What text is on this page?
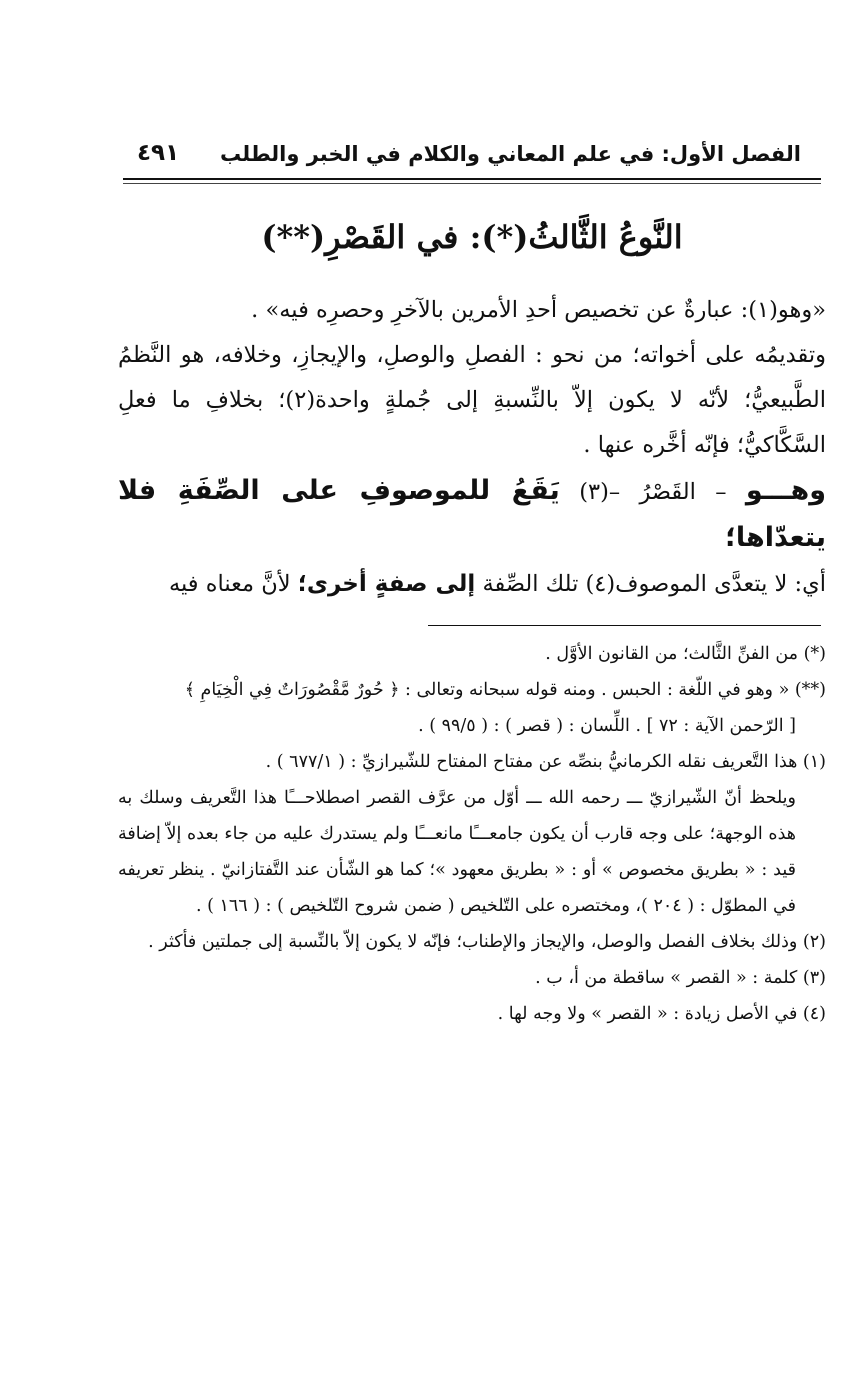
الفصل الأول: في علم المعاني والكلام في الخبر والطلب
٤٩١
النَّوعُ الثَّالثُ(*): في القَصْرِ(**)

«وهو(١): عبارةٌ عن تخصيص أحدِ الأمرين بالآخرِ وحصرِه فيه» .

وتقديمُه على أخواته؛ من نحو : الفصلِ والوصلِ، والإيجازِ، وخلافه، هو النَّظمُ الطَّبيعيُّ؛ لأنّه لا يكون إلاّ بالنِّسبةِ إلى جُملةٍ واحدة(٢)؛ بخلافِ ما فعلِ السَّكَّاكيُّ؛ فإنّه أخَّره عنها .

وهـــو – القَصْرُ –(٣) يَقَعُ للموصوفِ على الصِّفَةِ فلا يتعدّاها؛

أي: لا يتعدَّى الموصوف(٤) تلك الصِّفة إلى صفةٍ أخرى؛ لأنَّ معناه فيه

(*) من الفنِّ الثَّالث؛ من القانون الأوَّل .

(**) « وهو في اللّغة : الحبس . ومنه قوله سبحانه وتعالى : ﴿ حُورٌ مَّقْصُورَاتٌ فِي الْخِيَامِ ﴾

[ الرّحمن الآية : ٧٢ ] . اللِّسان : ( قصر ) : ( ٩٩/٥ ) .

(١) هذا التَّعريف نقله الكرمانيُّ بنصِّه عن مفتاح المفتاح للشّيرازيِّ : ( ٦٧٧/١ ) .

ويلحظ أنّ الشّيرازيّ ـــ رحمه الله ـــ أوّل من عرَّف القصر اصطلاحـــًا هذا التَّعريف وسلك به هذه الوجهة؛ على وجه قارب أن يكون جامعـــًا مانعـــًا ولم يستدرك عليه من جاء بعده إلاّ إضافة قيد : « بطريق مخصوص » أو : « بطريق معهود »؛ كما هو الشّأن عند التَّفتازانيّ . ينظر تعريفه في المطوّل : ( ٢٠٤ )، ومختصره على التّلخيص ( ضمن شروح التّلخيص ) : ( ١٦٦ ) .

(٢) وذلك بخلاف الفصل والوصل، والإيجاز والإطناب؛ فإنّه لا يكون إلاّ بالنِّسبة إلى جملتين فأكثر .

(٣) كلمة : « القصر » ساقطة من أ، ب .

(٤) في الأصل زيادة : « القصر » ولا وجه لها .
